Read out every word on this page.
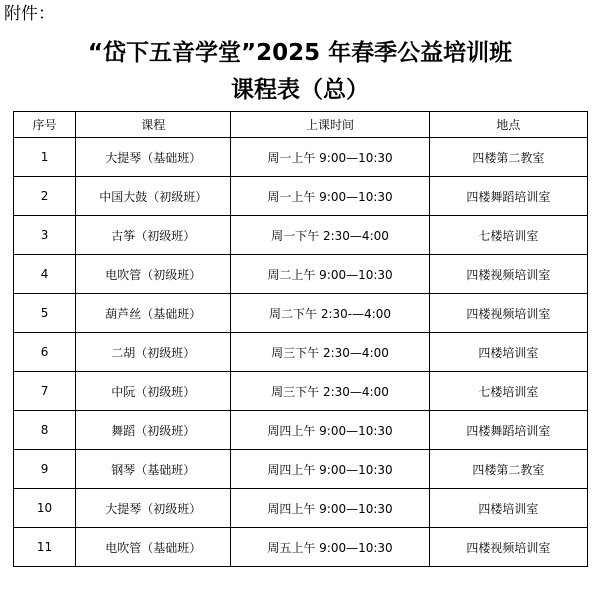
附件：
“岱下五音学堂”2025 年春季公益培训班
课程表（总）
序号	课程	上课时间	地点
1	大提琴（基础班）	周一上午 9:00—10:30	四楼第二教室
2	中国大鼓（初级班）	周一上午 9:00—10:30	四楼舞蹈培训室
3	古筝（初级班）	周一下午 2:30—4:00	七楼培训室
4	电吹管（初级班）	周二上午 9:00—10:30	四楼视频培训室
5	葫芦丝（基础班）	周二下午 2:30-—4:00	四楼视频培训室
6	二胡（初级班）	周三下午 2:30—4:00	四楼培训室
7	中阮（初级班）	周三下午 2:30—4:00	七楼培训室
8	舞蹈（初级班）	周四上午 9:00—10:30	四楼舞蹈培训室
9	钢琴（基础班）	周四上午 9:00—10:30	四楼第二教室
10	大提琴（初级班）	周四上午 9:00—10:30	四楼培训室
11	电吹管（基础班）	周五上午 9:00—10:30	四楼视频培训室
